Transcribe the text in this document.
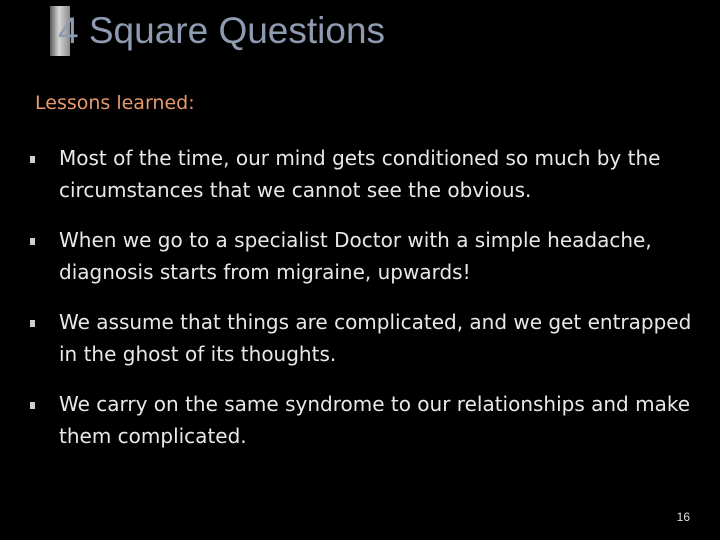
4 Square Questions

Lessons learned:

Most of the time, our mind gets conditioned so much by the circumstances that we cannot see the obvious.
When we go to a specialist Doctor with a simple headache, diagnosis starts from migraine, upwards!
We assume that things are complicated, and we get entrapped in the ghost of its thoughts.
We carry on the same syndrome to our relationships and make them complicated.
16
